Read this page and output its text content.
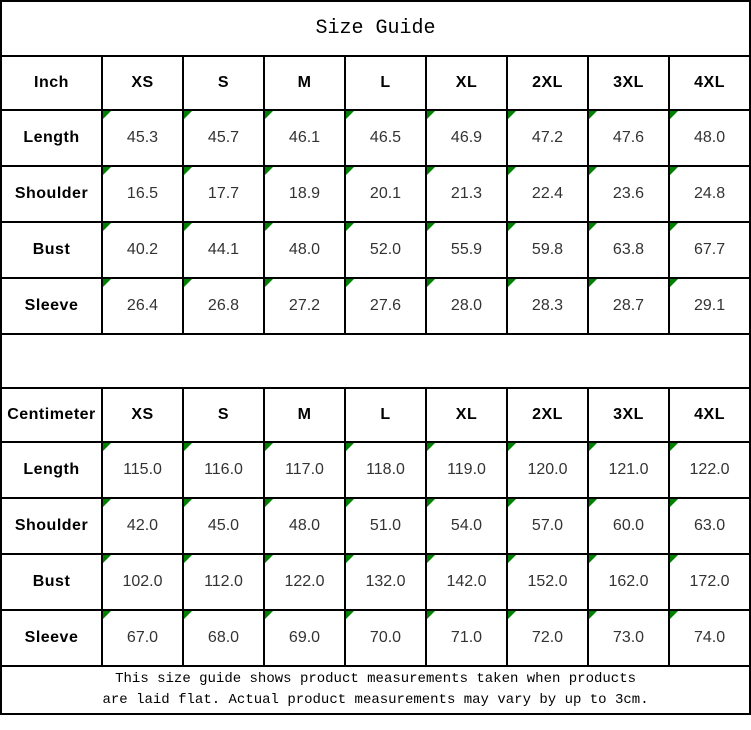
Size Guide								
Inch	XS	S	M	L	XL	2XL	3XL	4XL
Length	45.3	45.7	46.1	46.5	46.9	47.2	47.6	48.0
Shoulder	16.5	17.7	18.9	20.1	21.3	22.4	23.6	24.8
Bust	40.2	44.1	48.0	52.0	55.9	59.8	63.8	67.7
Sleeve	26.4	26.8	27.2	27.6	28.0	28.3	28.7	29.1

Centimeter	XS	S	M	L	XL	2XL	3XL	4XL
Length	115.0	116.0	117.0	118.0	119.0	120.0	121.0	122.0
Shoulder	42.0	45.0	48.0	51.0	54.0	57.0	60.0	63.0
Bust	102.0	112.0	122.0	132.0	142.0	152.0	162.0	172.0
Sleeve	67.0	68.0	69.0	70.0	71.0	72.0	73.0	74.0

This size guide shows product measurements taken when products
are laid flat. Actual product measurements may vary by up to 3cm.								
